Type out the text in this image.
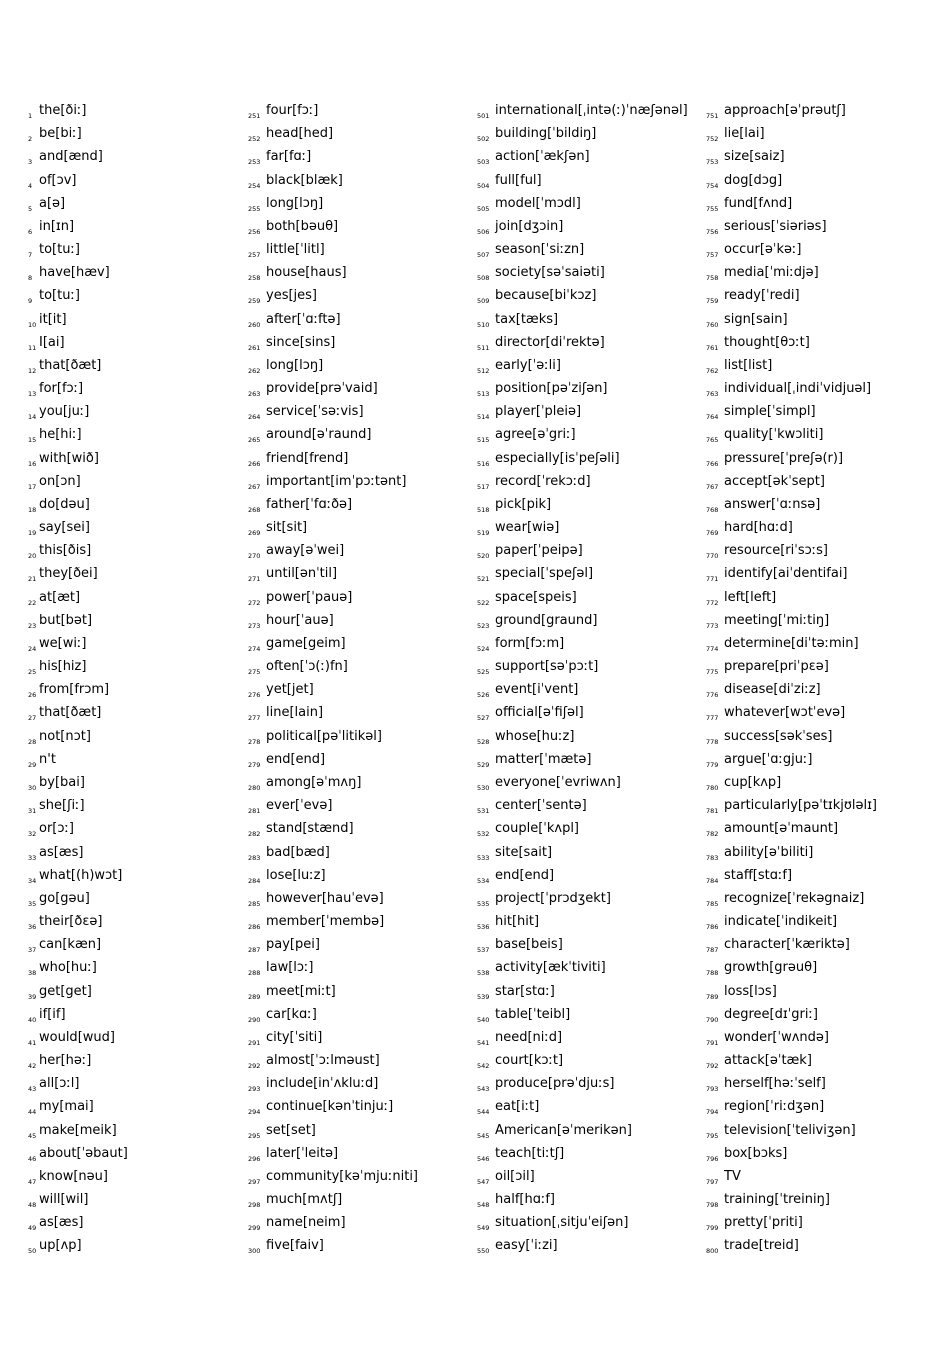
1 the[ðiː]
2 be[biː]
3 and[ænd]
4 of[ɔv]
5 a[ə]
6 in[ɪn]
7 to[tuː]
8 have[hæv]
9 to[tuː]
10 it[it]
11 I[ai]
12 that[ðæt]
13 for[fɔː]
14 you[juː]
15 he[hiː]
16 with[wið]
17 on[ɔn]
18 do[dəu]
19 say[sei]
20 this[ðis]
21 they[ðei]
22 at[æt]
23 but[bət]
24 we[wiː]
25 his[hiz]
26 from[frɔm]
27 that[ðæt]
28 not[nɔt]
29 n't
30 by[bai]
31 she[ʃiː]
32 or[ɔː]
33 as[æs]
34 what[(h)wɔt]
35 go[gəu]
36 their[ðεə]
37 can[kæn]
38 who[huː]
39 get[get]
40 if[if]
41 would[wud]
42 her[həː]
43 all[ɔːl]
44 my[mai]
45 make[meik]
46 about[ˈəbaut]
47 know[nəu]
48 will[wil]
49 as[æs]
50 up[ʌp]
251 four[fɔː]
252 head[hed]
253 far[fɑː]
254 black[blæk]
255 long[lɔŋ]
256 both[bəuθ]
257 little[ˈlitl]
258 house[haus]
259 yes[jes]
260 after[ˈɑːftə]
261 since[sins]
262 long[lɔŋ]
263 provide[prəˈvaid]
264 service[ˈsəːvis]
265 around[əˈraund]
266 friend[frend]
267 important[imˈpɔːtənt]
268 father[ˈfɑːðə]
269 sit[sit]
270 away[əˈwei]
271 until[ənˈtil]
272 power[ˈpauə]
273 hour[ˈauə]
274 game[geim]
275 often[ˈɔ(ː)fn]
276 yet[jet]
277 line[lain]
278 political[pəˈlitikəl]
279 end[end]
280 among[əˈmʌŋ]
281 ever[ˈevə]
282 stand[stænd]
283 bad[bæd]
284 lose[luːz]
285 however[hauˈevə]
286 member[ˈmembə]
287 pay[pei]
288 law[lɔː]
289 meet[miːt]
290 car[kɑː]
291 city[ˈsiti]
292 almost[ˈɔːlməust]
293 include[inˈʌkluːd]
294 continue[kənˈtinjuː]
295 set[set]
296 later[ˈleitə]
297 community[kəˈmjuːniti]
298 much[mʌtʃ]
299 name[neim]
300 five[faiv]
501 international[ˌintə(ː)ˈnæʃənəl]
502 building[ˈbildiŋ]
503 action[ˈækʃən]
504 full[ful]
505 model[ˈmɔdl]
506 join[dʒɔin]
507 season[ˈsiːzn]
508 society[səˈsaiəti]
509 because[biˈkɔz]
510 tax[tæks]
511 director[diˈrektə]
512 early[ˈəːli]
513 position[pəˈziʃən]
514 player[ˈpleiə]
515 agree[əˈgriː]
516 especially[isˈpeʃəli]
517 record[ˈrekɔːd]
518 pick[pik]
519 wear[wiə]
520 paper[ˈpeipə]
521 special[ˈspeʃəl]
522 space[speis]
523 ground[graund]
524 form[fɔːm]
525 support[səˈpɔːt]
526 event[iˈvent]
527 official[əˈfiʃəl]
528 whose[huːz]
529 matter[ˈmætə]
530 everyone[ˈevriwʌn]
531 center[ˈsentə]
532 couple[ˈkʌpl]
533 site[sait]
534 end[end]
535 project[ˈprɔdʒekt]
536 hit[hit]
537 base[beis]
538 activity[ækˈtiviti]
539 star[stɑː]
540 table[ˈteibl]
541 need[niːd]
542 court[kɔːt]
543 produce[prəˈdjuːs]
544 eat[iːt]
545 American[əˈmerikən]
546 teach[tiːtʃ]
547 oil[ɔil]
548 half[hɑːf]
549 situation[ˌsitjuˈeiʃən]
550 easy[ˈiːzi]
751 approach[əˈprəutʃ]
752 lie[lai]
753 size[saiz]
754 dog[dɔg]
755 fund[fʌnd]
756 serious[ˈsiəriəs]
757 occur[əˈkəː]
758 media[ˈmiːdjə]
759 ready[ˈredi]
760 sign[sain]
761 thought[θɔːt]
762 list[list]
763 individual[ˌindiˈvidjuəl]
764 simple[ˈsimpl]
765 quality[ˈkwɔliti]
766 pressure[ˈpreʃə(r)]
767 accept[əkˈsept]
768 answer[ˈɑːnsə]
769 hard[hɑːd]
770 resource[riˈsɔːs]
771 identify[aiˈdentifai]
772 left[left]
773 meeting[ˈmiːtiŋ]
774 determine[diˈtəːmin]
775 prepare[priˈpεə]
776 disease[diˈziːz]
777 whatever[wɔtˈevə]
778 success[səkˈses]
779 argue[ˈɑːgjuː]
780 cup[kʌp]
781 particularly[pəˈtɪkjʊləlɪ]
782 amount[əˈmaunt]
783 ability[əˈbiliti]
784 staff[stɑːf]
785 recognize[ˈrekəgnaiz]
786 indicate[ˈindikeit]
787 character[ˈkæriktə]
788 growth[grəuθ]
789 loss[lɔs]
790 degree[dɪˈgriː]
791 wonder[ˈwʌndə]
792 attack[əˈtæk]
793 herself[həːˈself]
794 region[ˈriːdʒən]
795 television[ˈteliviʒən]
796 box[bɔks]
797 TV
798 training[ˈtreiniŋ]
799 pretty[ˈpriti]
800 trade[treid]
